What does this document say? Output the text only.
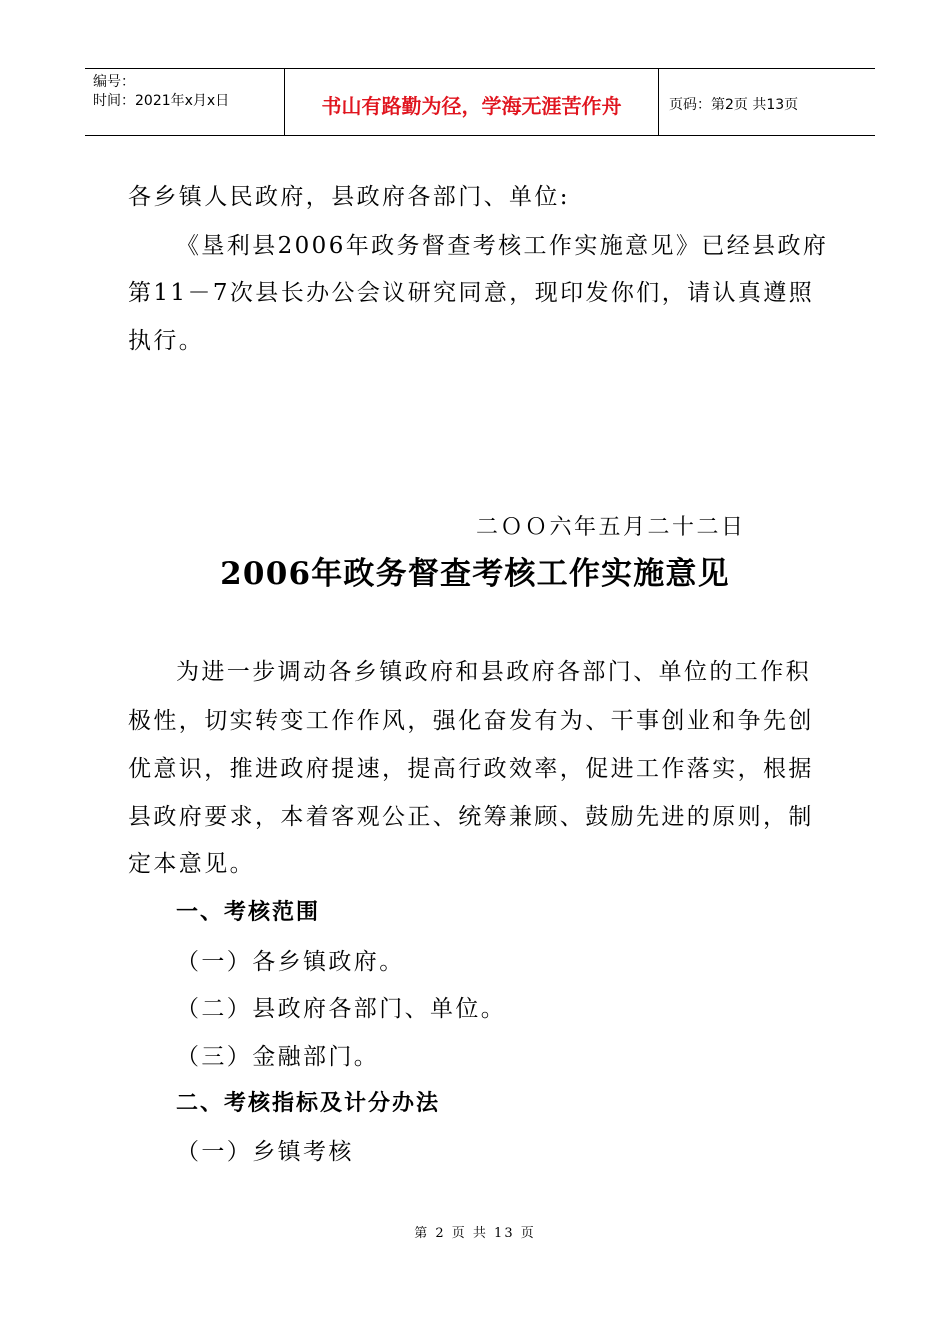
编号：
时间：2021年x月x日	书山有路勤为径，学海无涯苦作舟	页码：第2页 共13页
各乡镇人民政府，县政府各部门、单位:
《垦利县2006年政务督查考核工作实施意见》已经县政府
第11－7次县长办公会议研究同意，现印发你们，请认真遵照
执行。
二ＯＯ六年五月二十二日
2006年政务督查考核工作实施意见
为进一步调动各乡镇政府和县政府各部门、单位的工作积
极性，切实转变工作作风，强化奋发有为、干事创业和争先创
优意识，推进政府提速，提高行政效率，促进工作落实，根据
县政府要求，本着客观公正、统筹兼顾、鼓励先进的原则，制
定本意见。
一、考核范围
（一）各乡镇政府。
（二）县政府各部门、单位。
（三）金融部门。
二、考核指标及计分办法
（一）乡镇考核
第 2 页 共 13 页
